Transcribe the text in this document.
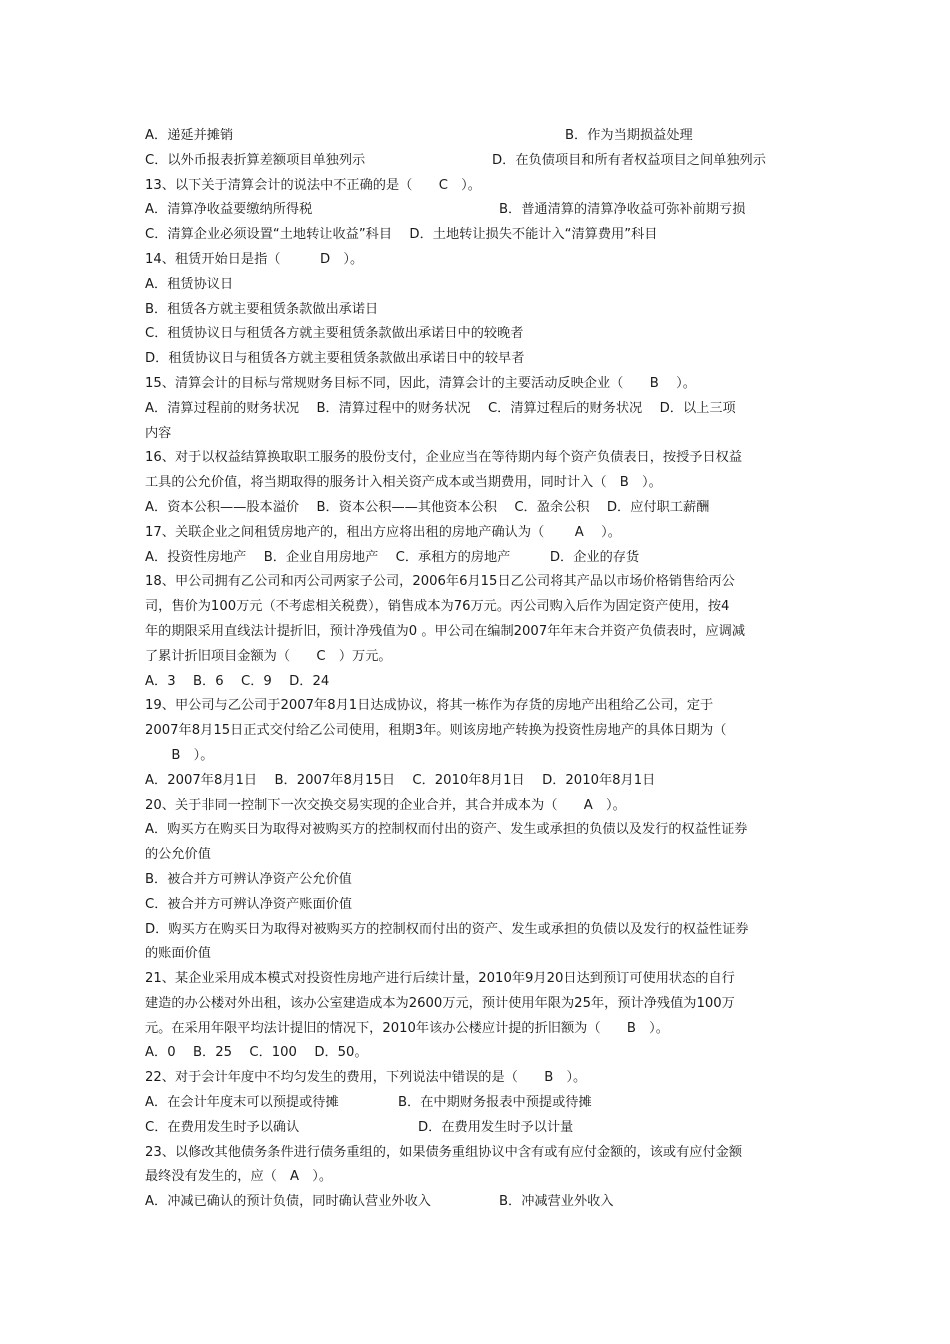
A．递延并摊销	B．作为当期损益处理
C．以外币报表折算差额项目单独列示	D．在负债项目和所有者权益项目之间单独列示
13、以下关于清算会计的说法中不正确的是（　　C　）。
A．清算净收益要缴纳所得税	B．普通清算的清算净收益可弥补前期亏损
C．清算企业必须设置“土地转让收益”科目　 D．土地转让损失不能计入“清算费用”科目
14、租赁开始日是指（　　　D　）。
A．租赁协议日
B．租赁各方就主要租赁条款做出承诺日
C．租赁协议日与租赁各方就主要租赁条款做出承诺日中的较晚者
D．租赁协议日与租赁各方就主要租赁条款做出承诺日中的较早者
15、清算会计的目标与常规财务目标不同，因此，清算会计的主要活动反映企业（　　B　 ）。
A．清算过程前的财务状况　 B．清算过程中的财务状况　 C．清算过程后的财务状况　 D．以上三项
内容
16、对于以权益结算换取职工服务的股份支付，企业应当在等待期内每个资产负债表日，按授予日权益
工具的公允价值，将当期取得的服务计入相关资产成本或当期费用，同时计入（　B　）。
A．资本公积——股本溢价　 B．资本公积——其他资本公积　 C．盈余公积　 D．应付职工薪酬
17、关联企业之间租赁房地产的，租出方应将出租的房地产确认为（　　 A　 ）。
A．投资性房地产　 B．企业自用房地产　 C．承租方的房地产　　　D．企业的存货
18、甲公司拥有乙公司和丙公司两家子公司，2006年6月15日乙公司将其产品以市场价格销售给丙公
司，售价为100万元（不考虑相关税费），销售成本为76万元。丙公司购入后作为固定资产使用，按4
年的期限采用直线法计提折旧，预计净残值为0 。甲公司在编制2007年年末合并资产负债表时，应调减
了累计折旧项目金额为（　　C　）万元。
A．3　 B．6　 C．9　 D．24
19、甲公司与乙公司于2007年8月1日达成协议，将其一栋作为存货的房地产出租给乙公司，定于
2007年8月15日正式交付给乙公司使用，租期3年。则该房地产转换为投资性房地产的具体日期为（
　　B　）。
A．2007年8月1日　 B．2007年8月15日　 C．2010年8月1日　 D．2010年8月1日
20、关于非同一控制下一次交换交易实现的企业合并，其合并成本为（　　A　）。
A．购买方在购买日为取得对被购买方的控制权而付出的资产、发生或承担的负债以及发行的权益性证券
的公允价值
B．被合并方可辨认净资产公允价值
C．被合并方可辨认净资产账面价值
D．购买方在购买日为取得对被购买方的控制权而付出的资产、发生或承担的负债以及发行的权益性证券
的账面价值
21、某企业采用成本模式对投资性房地产进行后续计量，2010年9月20日达到预订可使用状态的自行
建造的办公楼对外出租，该办公室建造成本为2600万元，预计使用年限为25年，预计净残值为100万
元。在采用年限平均法计提旧的情况下，2010年该办公楼应计提的折旧额为（　　B　）。
A．0　 B．25　 C．100　 D．50。
22、对于会计年度中不均匀发生的费用，下列说法中错误的是（　　B　）。
A．在会计年度末可以预提或待摊	B．在中期财务报表中预提或待摊
C．在费用发生时予以确认	D．在费用发生时予以计量
23、以修改其他债务条件进行债务重组的，如果债务重组协议中含有或有应付金额的，该或有应付金额
最终没有发生的，应（　A　）。
A．冲减已确认的预计负债，同时确认营业外收入	B．冲减营业外收入
